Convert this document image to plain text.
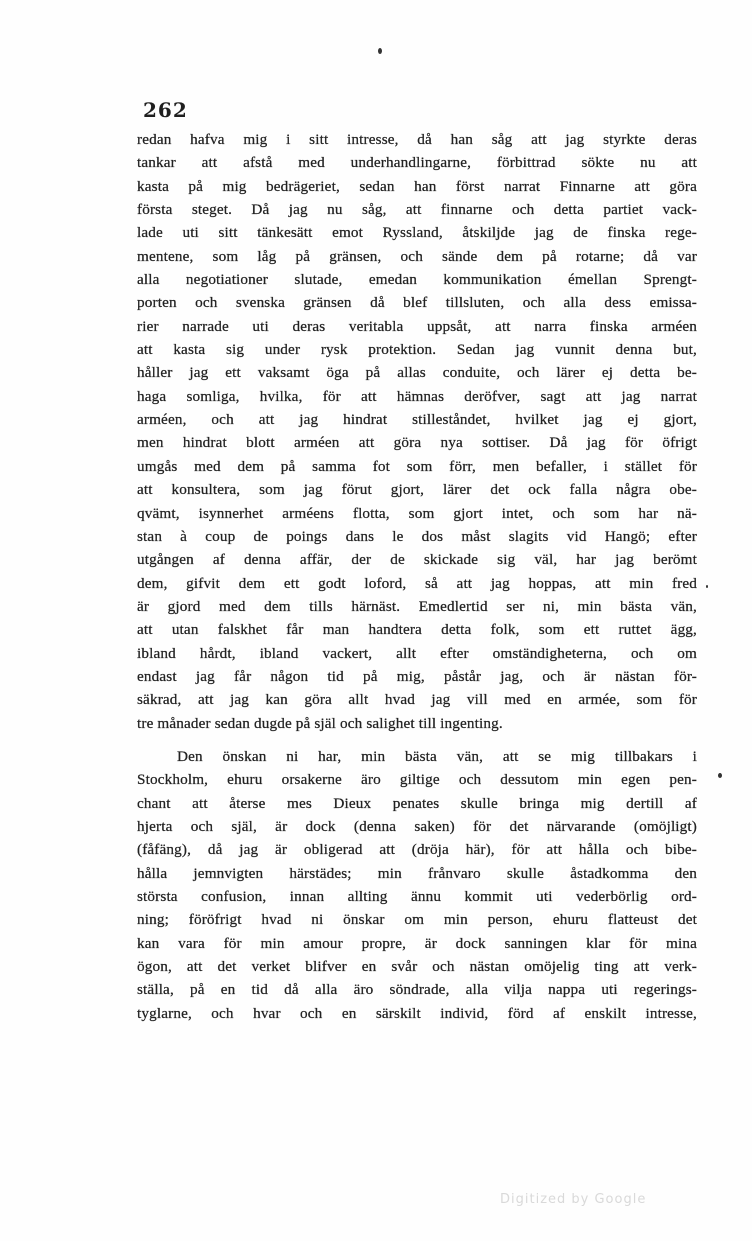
262
redan hafva mig i sitt intresse, då han såg att jag styrkte deras
tankar att afstå med underhandlingarne, förbittrad sökte nu att
kasta på mig bedrägeriet, sedan han först narrat Finnarne att göra
första steget. Då jag nu såg, att finnarne och detta partiet vack-
lade uti sitt tänkesätt emot Ryssland, åtskiljde jag de finska rege-
mentene, som låg på gränsen, och sände dem på rotarne; då var
alla negotiationer slutade, emedan kommunikation émellan Sprengt-
porten och svenska gränsen då blef tillsluten, och alla dess emissa-
rier narrade uti deras veritabla uppsåt, att narra finska arméen
att kasta sig under rysk protektion. Sedan jag vunnit denna but,
håller jag ett vaksamt öga på allas conduite, och lärer ej detta be-
haga somliga, hvilka, för att hämnas deröfver, sagt att jag narrat
arméen, och att jag hindrat stilleståndet, hvilket jag ej gjort,
men hindrat blott arméen att göra nya sottiser. Då jag för öfrigt
umgås med dem på samma fot som förr, men befaller, i stället för
att konsultera, som jag förut gjort, lärer det ock falla några obe-
qvämt, isynnerhet arméens flotta, som gjort intet, och som har nä-
stan à coup de poings dans le dos måst slagits vid Hangö; efter
utgången af denna affär, der de skickade sig väl, har jag berömt
dem, gifvit dem ett godt loford, så att jag hoppas, att min fred
är gjord med dem tills härnäst. Emedlertid ser ni, min bästa vän,
att utan falskhet får man handtera detta folk, som ett ruttet ägg,
ibland hårdt, ibland vackert, allt efter omständigheterna, och om
endast jag får någon tid på mig, påstår jag, och är nästan för-
säkrad, att jag kan göra allt hvad jag vill med en armée, som för
tre månader sedan dugde på själ och salighet till ingenting.
Den önskan ni har, min bästa vän, att se mig tillbakars i
Stockholm, ehuru orsakerne äro giltige och dessutom min egen pen-
chant att återse mes Dieux penates skulle bringa mig dertill af
hjerta och själ, är dock (denna saken) för det närvarande (omöjligt)
(fåfäng), då jag är obligerad att (dröja här), för att hålla och bibe-
hålla jemnvigten härstädes; min frånvaro skulle åstadkomma den
största confusion, innan allting ännu kommit uti vederbörlig ord-
ning; föröfrigt hvad ni önskar om min person, ehuru flatteust det
kan vara för min amour propre, är dock sanningen klar för mina
ögon, att det verket blifver en svår och nästan omöjelig ting att verk-
ställa, på en tid då alla äro söndrade, alla vilja nappa uti regerings-
tyglarne, och hvar och en särskilt individ, förd af enskilt intresse,
Digitized by Google
